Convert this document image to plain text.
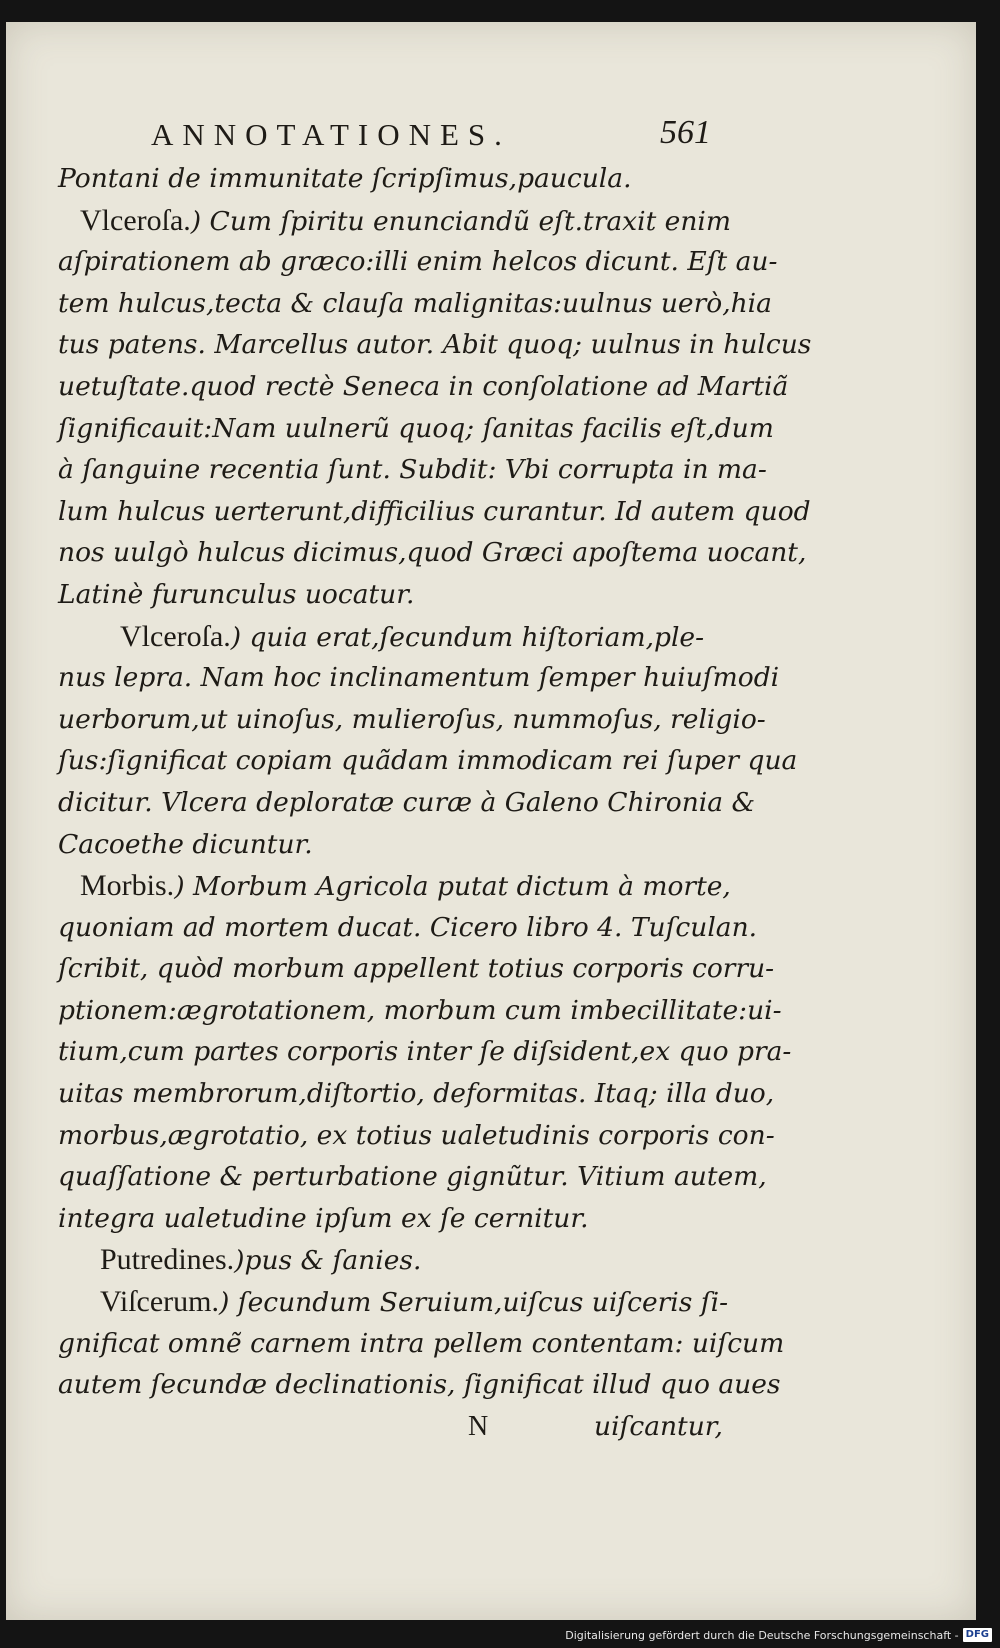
ANNOTATIONES.	561
Pontani de immunitate ſcripſimus,paucula.
Vlceroſa.) Cum ſpiritu enunciandũ eſt.traxit enim
aſpirationem ab græco:illi enim helcos dicunt. Eſt au-
tem hulcus,tecta & clauſa malignitas:uulnus uerò,hia
tus patens. Marcellus autor. Abit quoq; uulnus in hulcus
uetuſtate.quod rectè Seneca in conſolatione ad Martiã
ſignificauit:Nam uulnerũ quoq; ſanitas facilis eſt,dum
à ſanguine recentia ſunt. Subdit: Vbi corrupta in ma-
lum hulcus uerterunt,difficilius curantur. Id autem quod
nos uulgò hulcus dicimus,quod Græci apoſtema uocant,
Latinè furunculus uocatur.
Vlceroſa.) quia erat,ſecundum hiſtoriam,ple-
nus lepra. Nam hoc inclinamentum ſemper huiuſmodi
uerborum,ut uinoſus, mulieroſus, nummoſus, religio-
ſus:ſignificat copiam quãdam immodicam rei ſuper qua
dicitur. Vlcera deploratæ curæ à Galeno Chironia &
Cacoethe dicuntur.
Morbis.) Morbum Agricola putat dictum à morte,
quoniam ad mortem ducat. Cicero libro 4. Tuſculan.
ſcribit, quòd morbum appellent totius corporis corru-
ptionem:ægrotationem, morbum cum imbecillitate:ui-
tium,cum partes corporis inter ſe diſsident,ex quo pra-
uitas membrorum,diſtortio, deformitas. Itaq; illa duo,
morbus,ægrotatio, ex totius ualetudinis corporis con-
quaſſatione & perturbatione gignũtur. Vitium autem,
integra ualetudine ipſum ex ſe cernitur.
Putredines.)pus & ſanies.
Viſcerum.) ſecundum Seruium,uiſcus uiſceris ſi-
gnificat omnẽ carnem intra pellem contentam: uiſcum
autem ſecundæ declinationis, ſignificat illud quo aues
N	uiſcantur,
Digitalisierung gefördert durch die Deutsche Forschungsgemeinschaft - DFG
